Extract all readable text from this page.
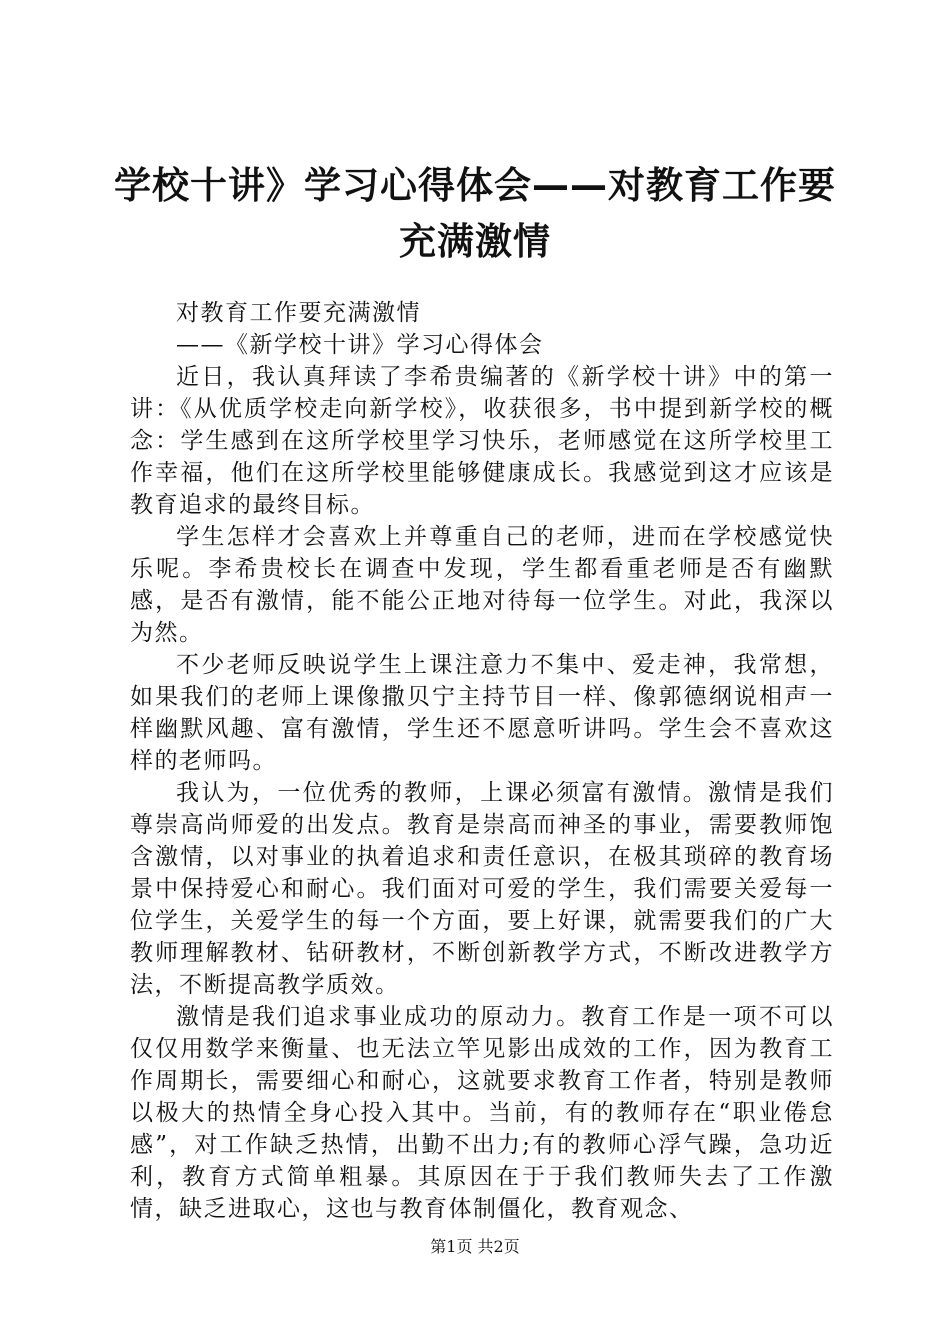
学校十讲》学习心得体会——对教育工作要充满激情

对教育工作要充满激情

——《新学校十讲》学习心得体会

近日，我认真拜读了李希贵编著的《新学校十讲》中的第一讲：《从优质学校走向新学校》，收获很多，书中提到新学校的概念：学生感到在这所学校里学习快乐，老师感觉在这所学校里工作幸福，他们在这所学校里能够健康成长。我感觉到这才应该是教育追求的最终目标。

学生怎样才会喜欢上并尊重自己的老师，进而在学校感觉快乐呢。李希贵校长在调查中发现，学生都看重老师是否有幽默感，是否有激情，能不能公正地对待每一位学生。对此，我深以为然。

不少老师反映说学生上课注意力不集中、爱走神，我常想，如果我们的老师上课像撒贝宁主持节目一样、像郭德纲说相声一样幽默风趣、富有激情，学生还不愿意听讲吗。学生会不喜欢这样的老师吗。

我认为，一位优秀的教师，上课必须富有激情。激情是我们尊崇高尚师爱的出发点。教育是崇高而神圣的事业，需要教师饱含激情，以对事业的执着追求和责任意识，在极其琐碎的教育场景中保持爱心和耐心。我们面对可爱的学生，我们需要关爱每一位学生，关爱学生的每一个方面，要上好课，就需要我们的广大教师理解教材、钻研教材，不断创新教学方式，不断改进教学方法，不断提高教学质效。

激情是我们追求事业成功的原动力。教育工作是一项不可以仅仅用数学来衡量、也无法立竿见影出成效的工作，因为教育工作周期长，需要细心和耐心，这就要求教育工作者，特别是教师以极大的热情全身心投入其中。当前，有的教师存在“职业倦怠感”，对工作缺乏热情，出勤不出力;有的教师心浮气躁，急功近利，教育方式简单粗暴。其原因在于于我们教师失去了工作激情，缺乏进取心，这也与教育体制僵化，教育观念、

第1页 共2页
